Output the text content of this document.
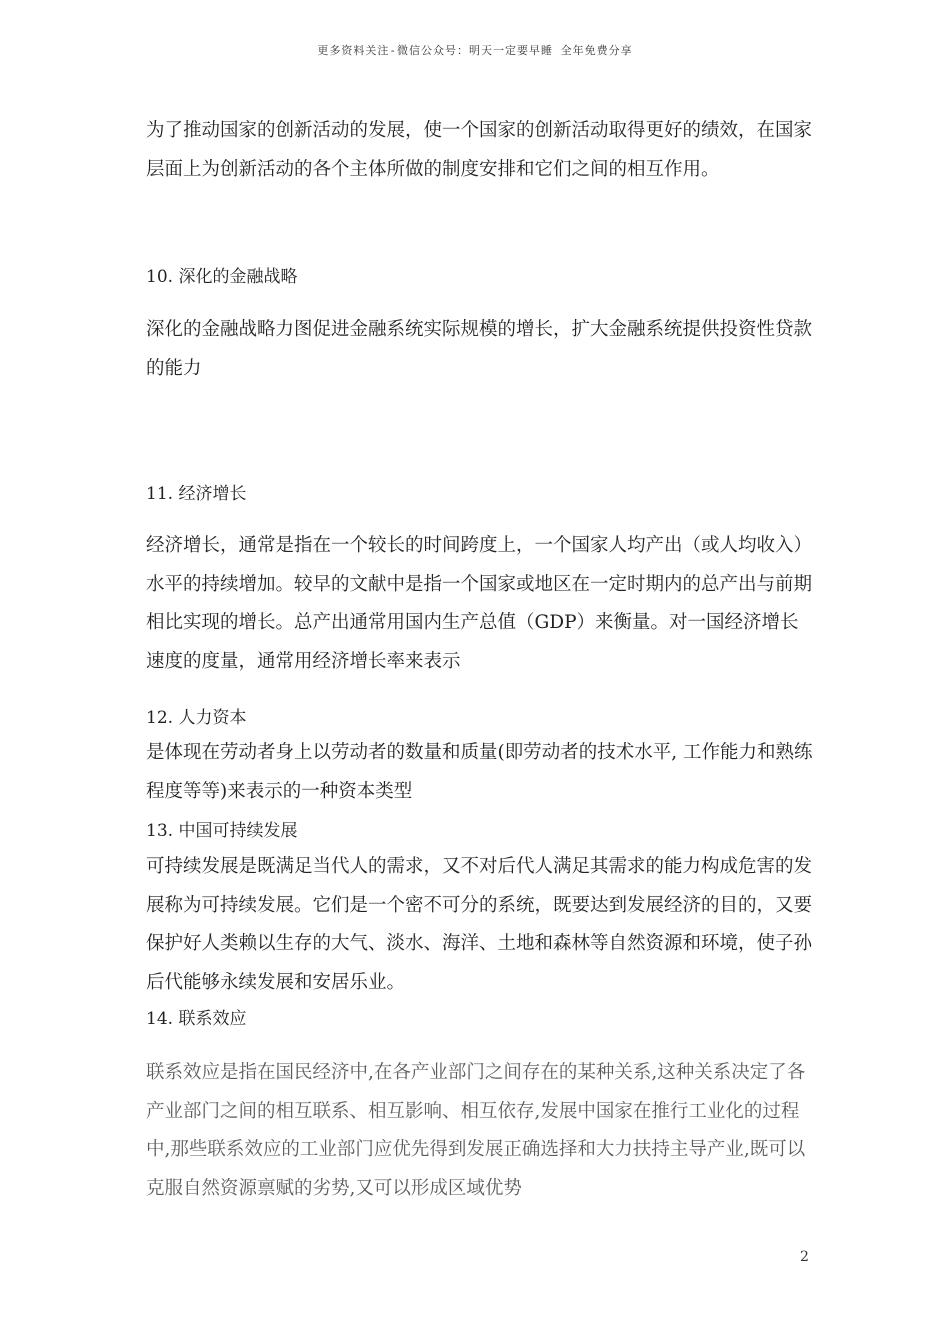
更多资料关注-微信公众号：明天一定要早睡 全年免费分享
为了推动国家的创新活动的发展，使一个国家的创新活动取得更好的绩效，在国家层面上为创新活动的各个主体所做的制度安排和它们之间的相互作用。
10. 深化的金融战略
深化的金融战略力图促进金融系统实际规模的增长，扩大金融系统提供投资性贷款的能力
11. 经济增长
经济增长，通常是指在一个较长的时间跨度上，一个国家人均产出（或人均收入）水平的持续增加。较早的文献中是指一个国家或地区在一定时期内的总产出与前期相比实现的增长。总产出通常用国内生产总值（GDP）来衡量。对一国经济增长速度的度量，通常用经济增长率来表示
12. 人力资本
是体现在劳动者身上以劳动者的数量和质量(即劳动者的技术水平, 工作能力和熟练程度等等)来表示的一种资本类型
13. 中国可持续发展
可持续发展是既满足当代人的需求，又不对后代人满足其需求的能力构成危害的发展称为可持续发展。它们是一个密不可分的系统，既要达到发展经济的目的，又要保护好人类赖以生存的大气、淡水、海洋、土地和森林等自然资源和环境，使子孙后代能够永续发展和安居乐业。
14. 联系效应
联系效应是指在国民经济中,在各产业部门之间存在的某种关系,这种关系决定了各产业部门之间的相互联系、相互影响、相互依存,发展中国家在推行工业化的过程中,那些联系效应的工业部门应优先得到发展正确选择和大力扶持主导产业,既可以克服自然资源禀赋的劣势,又可以形成区域优势
2
